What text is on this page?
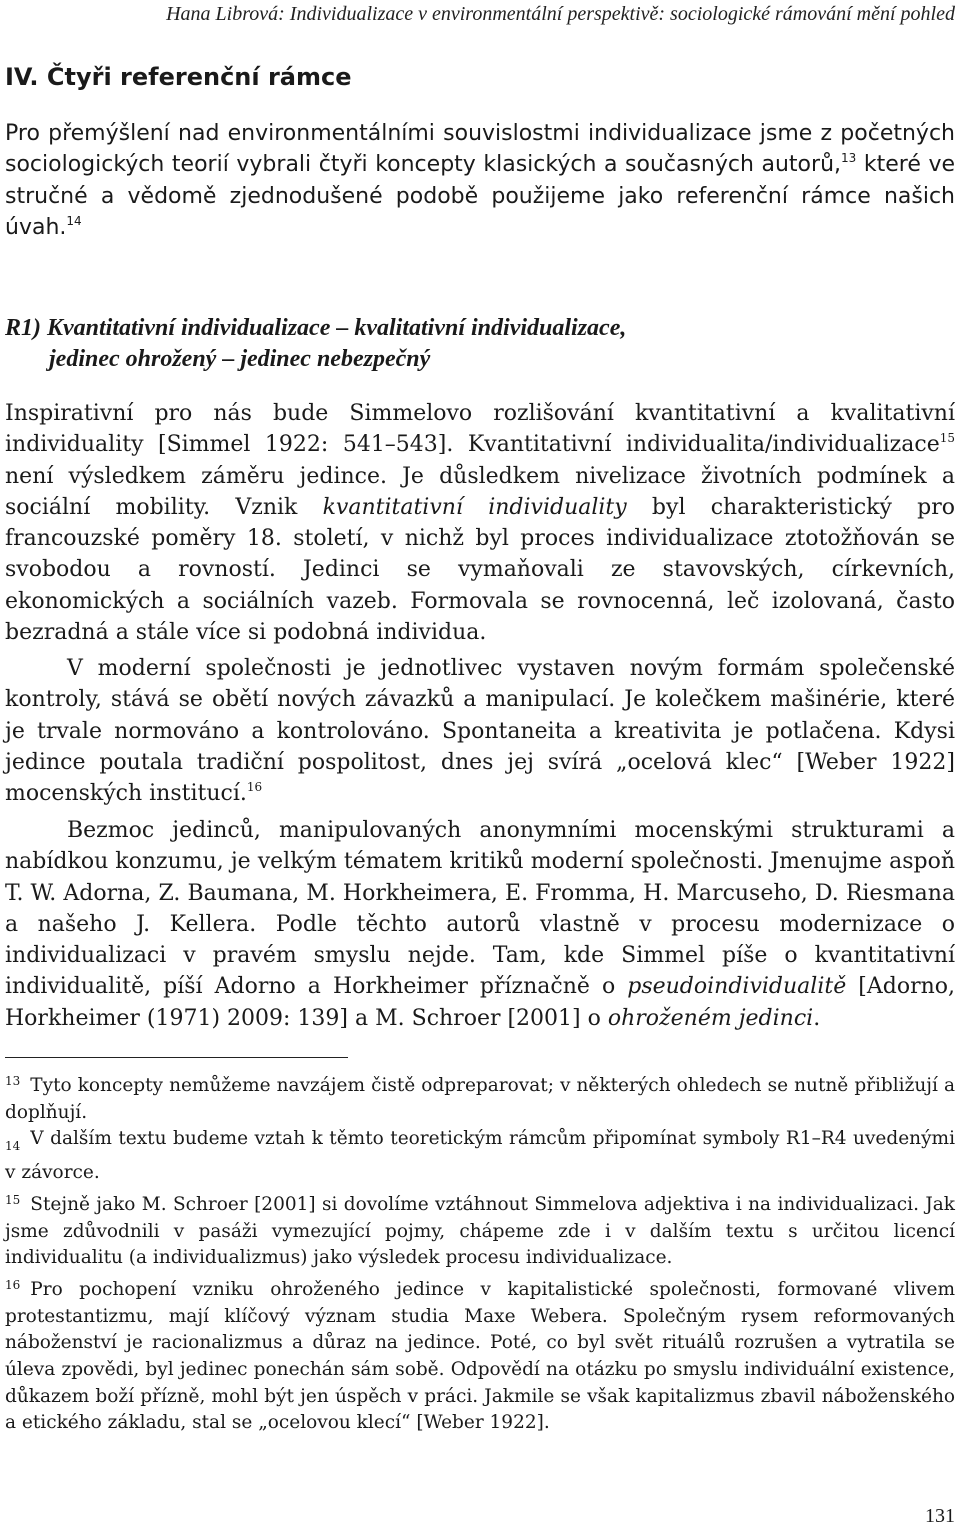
Hana Librová: Individualizace v environmentální perspektivě: sociologické rámování mění pohled
IV. Čtyři referenční rámce

Pro přemýšlení nad environmentálními souvislostmi individualizace jsme z početných sociologických teorií vybrali čtyři koncepty klasických a současných autorů,$^{13}$ které ve stručné a vědomě zjednodušené podobě použijeme jako referenční rámce našich úvah.$^{14}$

R1) Kvantitativní individualizace – kvalitativní individualizace,
jedinec ohrožený – jedinec nebezpečný

Inspirativní pro nás bude Simmelovo rozlišování kvantitativní a kvalitativní individuality [Simmel 1922: 541–543]. Kvantitativní individualita/individualizace$^{15}$ není výsledkem záměru jedince. Je důsledkem nivelizace životních podmínek a sociální mobility. Vznik kvantitativní individuality byl charakteristický pro francouzské poměry 18. století, v nichž byl proces individualizace ztotožňován se svobodou a rovností. Jedinci se vymaňovali ze stavovských, církevních, ekonomických a sociálních vazeb. Formovala se rovnocenná, leč izolovaná, často bezradná a stále více si podobná individua.

V moderní společnosti je jednotlivec vystaven novým formám společenské kontroly, stává se obětí nových závazků a manipulací. Je kolečkem mašinérie, které je trvale normováno a kontrolováno. Spontaneita a kreativita je potlačena. Kdysi jedince poutala tradiční pospolitost, dnes jej svírá „ocelová klec“ [Weber 1922] mocenských institucí.$^{16}$

Bezmoc jedinců, manipulovaných anonymními mocenskými strukturami a nabídkou konzumu, je velkým tématem kritiků moderní společnosti. Jmenujme aspoň T. W. Adorna, Z. Baumana, M. Horkheimera, E. Fromma, H. Marcuseho, D. Riesmana a našeho J. Kellera. Podle těchto autorů vlastně v procesu modernizace o individualizaci v pravém smyslu nejde. Tam, kde Simmel píše o kvantitativní individualitě, píší Adorno a Horkheimer příznačně o pseudoindividualitě [Adorno, Horkheimer (1971) 2009: 139] a M. Schroer [2001] o ohroženém jedinci.

$^{13}$ Tyto koncepty nemůžeme navzájem čistě odpreparovat; v některých ohledech se nutně přibližují a doplňují.

$_{14}$ V dalším textu budeme vztah k těmto teoretickým rámcům připomínat symboly R1–R4 uvedenými v závorce.

$^{15}$ Stejně jako M. Schroer [2001] si dovolíme vztáhnout Simmelova adjektiva i na individualizaci. Jak jsme zdůvodnili v pasáži vymezující pojmy, chápeme zde i v dalším textu s určitou licencí individualitu (a individualizmus) jako výsledek procesu individualizace.

$^{16}$ Pro pochopení vzniku ohroženého jedince v kapitalistické společnosti, formované vlivem protestantizmu, mají klíčový význam studia Maxe Webera. Společným rysem reformovaných náboženství je racionalizmus a důraz na jedince. Poté, co byl svět rituálů rozrušen a vytratila se úleva zpovědi, byl jedinec ponechán sám sobě. Odpovědí na otázku po smyslu individuální existence, důkazem boží přízně, mohl být jen úspěch v práci. Jakmile se však kapitalizmus zbavil náboženského a etického základu, stal se „ocelovou klecí“ [Weber 1922].

131
